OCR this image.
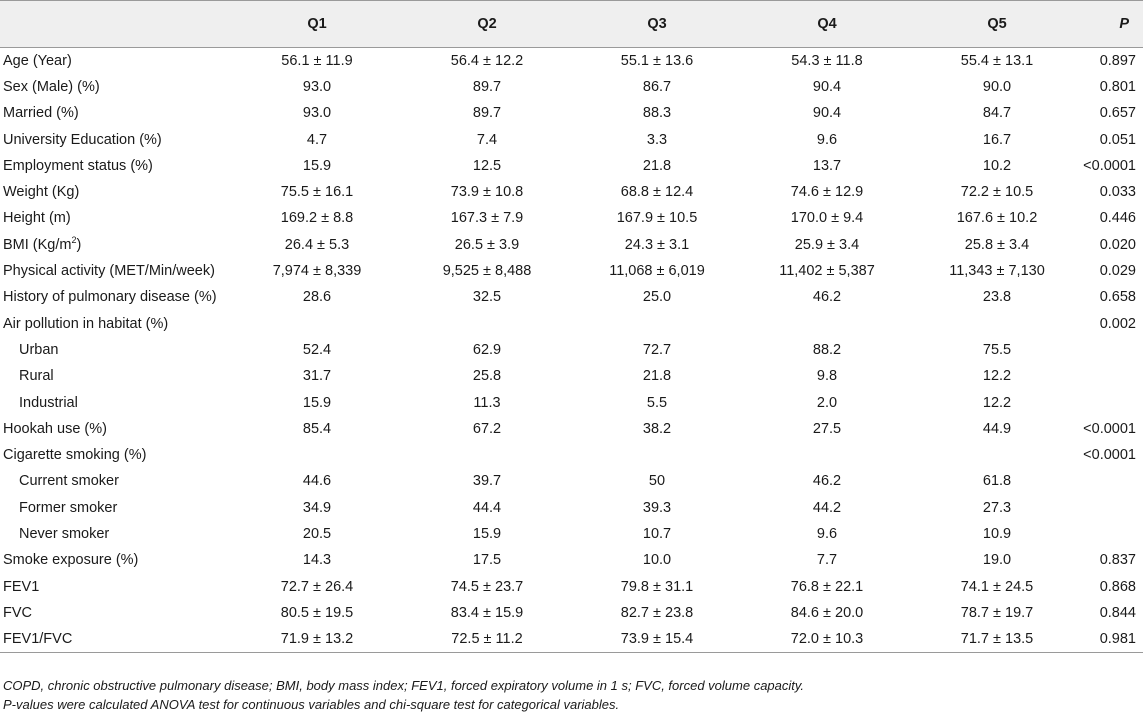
	Q1	Q2	Q3	Q4	Q5	P
Age (Year)	56.1 ± 11.9	56.4 ± 12.2	55.1 ± 13.6	54.3 ± 11.8	55.4 ± 13.1	0.897
Sex (Male) (%)	93.0	89.7	86.7	90.4	90.0	0.801
Married (%)	93.0	89.7	88.3	90.4	84.7	0.657
University Education (%)	4.7	7.4	3.3	9.6	16.7	0.051
Employment status (%)	15.9	12.5	21.8	13.7	10.2	<0.0001
Weight (Kg)	75.5 ± 16.1	73.9 ± 10.8	68.8 ± 12.4	74.6 ± 12.9	72.2 ± 10.5	0.033
Height (m)	169.2 ± 8.8	167.3 ± 7.9	167.9 ± 10.5	170.0 ± 9.4	167.6 ± 10.2	0.446
BMI $(Kg/m^2)$	26.4 ± 5.3	26.5 ± 3.9	24.3 ± 3.1	25.9 ± 3.4	25.8 ± 3.4	0.020
Physical activity (MET/Min/week)	7,974 ± 8,339	9,525 ± 8,488	11,068 ± 6,019	11,402 ± 5,387	11,343 ± 7,130	0.029
History of pulmonary disease (%)	28.6	32.5	25.0	46.2	23.8	0.658
Air pollution in habitat (%)						0.002
Urban	52.4	62.9	72.7	88.2	75.5	
Rural	31.7	25.8	21.8	9.8	12.2	
Industrial	15.9	11.3	5.5	2.0	12.2	
Hookah use (%)	85.4	67.2	38.2	27.5	44.9	<0.0001
Cigarette smoking (%)						<0.0001
Current smoker	44.6	39.7	50	46.2	61.8	
Former smoker	34.9	44.4	39.3	44.2	27.3	
Never smoker	20.5	15.9	10.7	9.6	10.9	
Smoke exposure (%)	14.3	17.5	10.0	7.7	19.0	0.837
FEV1	72.7 ± 26.4	74.5 ± 23.7	79.8 ± 31.1	76.8 ± 22.1	74.1 ± 24.5	0.868
FVC	80.5 ± 19.5	83.4 ± 15.9	82.7 ± 23.8	84.6 ± 20.0	78.7 ± 19.7	0.844
FEV1/FVC	71.9 ± 13.2	72.5 ± 11.2	73.9 ± 15.4	72.0 ± 10.3	71.7 ± 13.5	0.981
COPD, chronic obstructive pulmonary disease; BMI, body mass index; FEV1, forced expiratory volume in 1 s; FVC, forced volume capacity.
P-values were calculated ANOVA test for continuous variables and chi-square test for categorical variables.
